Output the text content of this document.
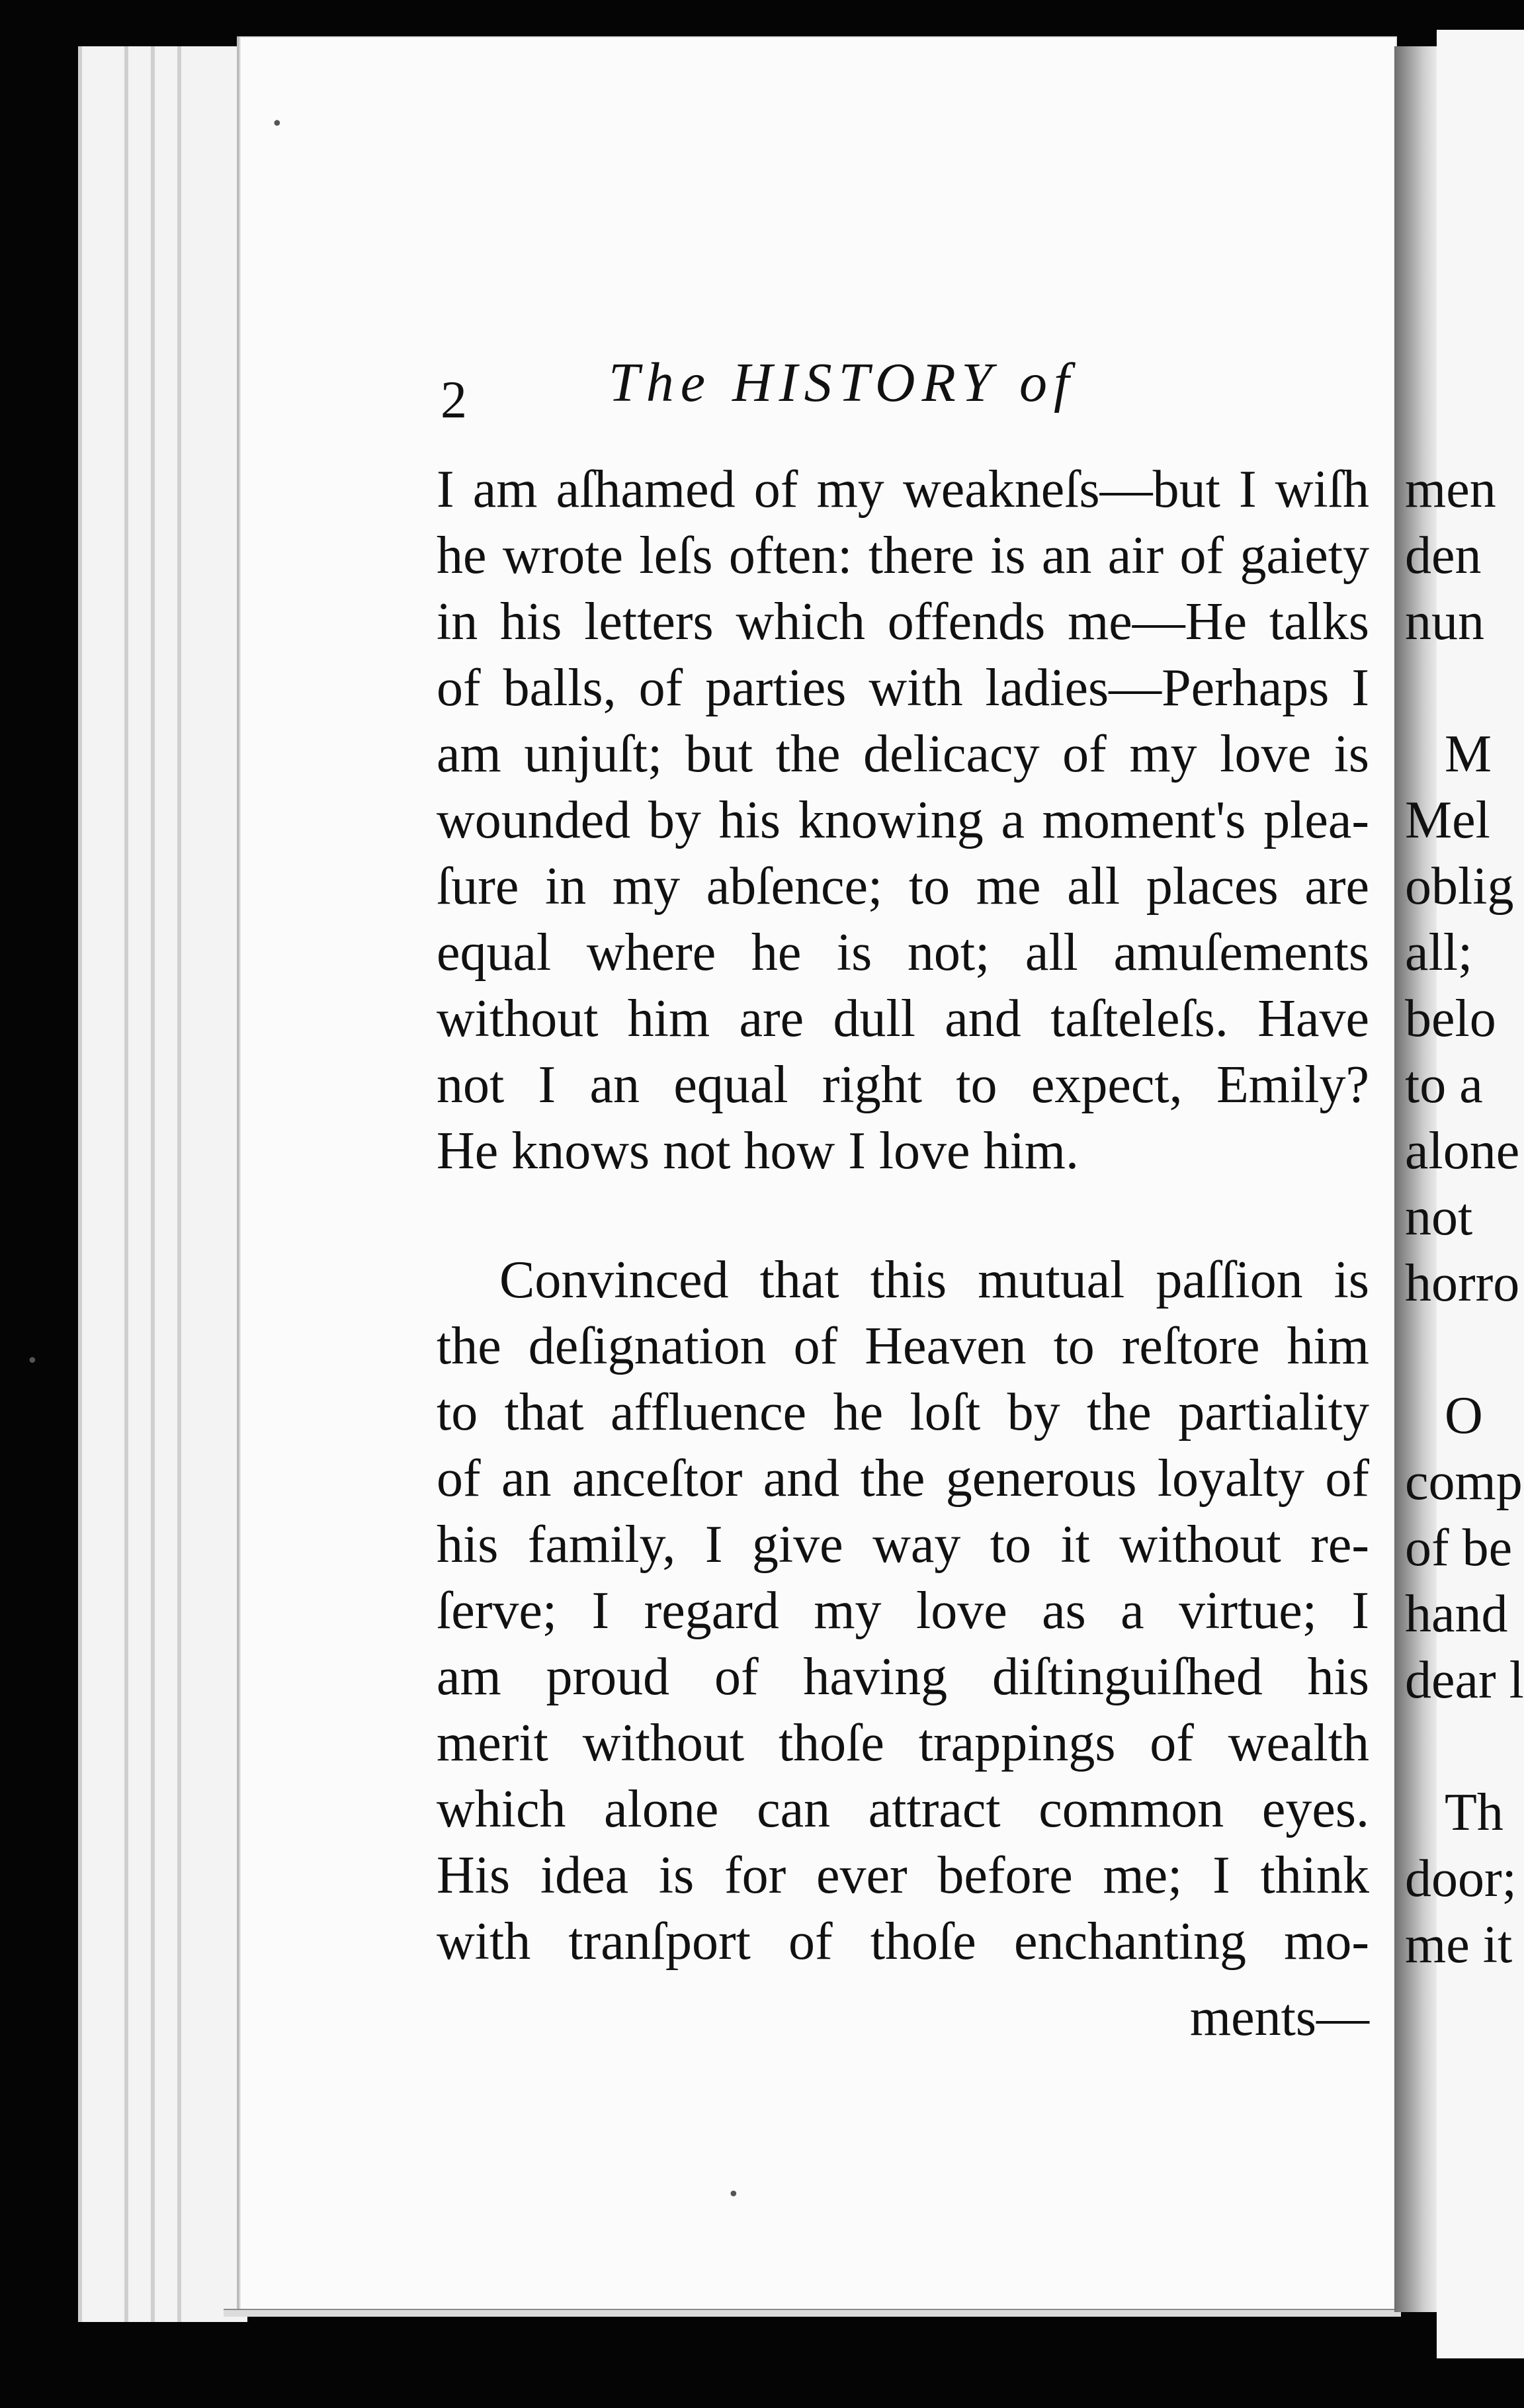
2	The HISTORY of
I am aſhamed of my weakneſs—but I wiſh
he wrote leſs often: there is an air of gaiety
in his letters which offends me—He talks
of balls, of parties with ladies—Perhaps I
am unjuſt; but the delicacy of my love is
wounded by his knowing a moment's plea-
ſure in my abſence; to me all places are
equal where he is not; all amuſements
without him are dull and taſteleſs. Have
not I an equal right to expect, Emily?
He knows not how I love him.
Convinced that this mutual paſſion is
the deſignation of Heaven to reſtore him
to that affluence he loſt by the partiality
of an anceſtor and the generous loyalty of
his family, I give way to it without re-
ſerve; I regard my love as a virtue; I
am proud of having diſtinguiſhed his
merit without thoſe trappings of wealth
which alone can attract common eyes.
His idea is for ever before me; I think
with tranſport of thoſe enchanting mo-
ments—
men
den
nun
M
Mel
oblig
all;
belo
to a
alone
not
horro
O
comp
of be
hand
dear l
Th
door;
me it
•
•
•
